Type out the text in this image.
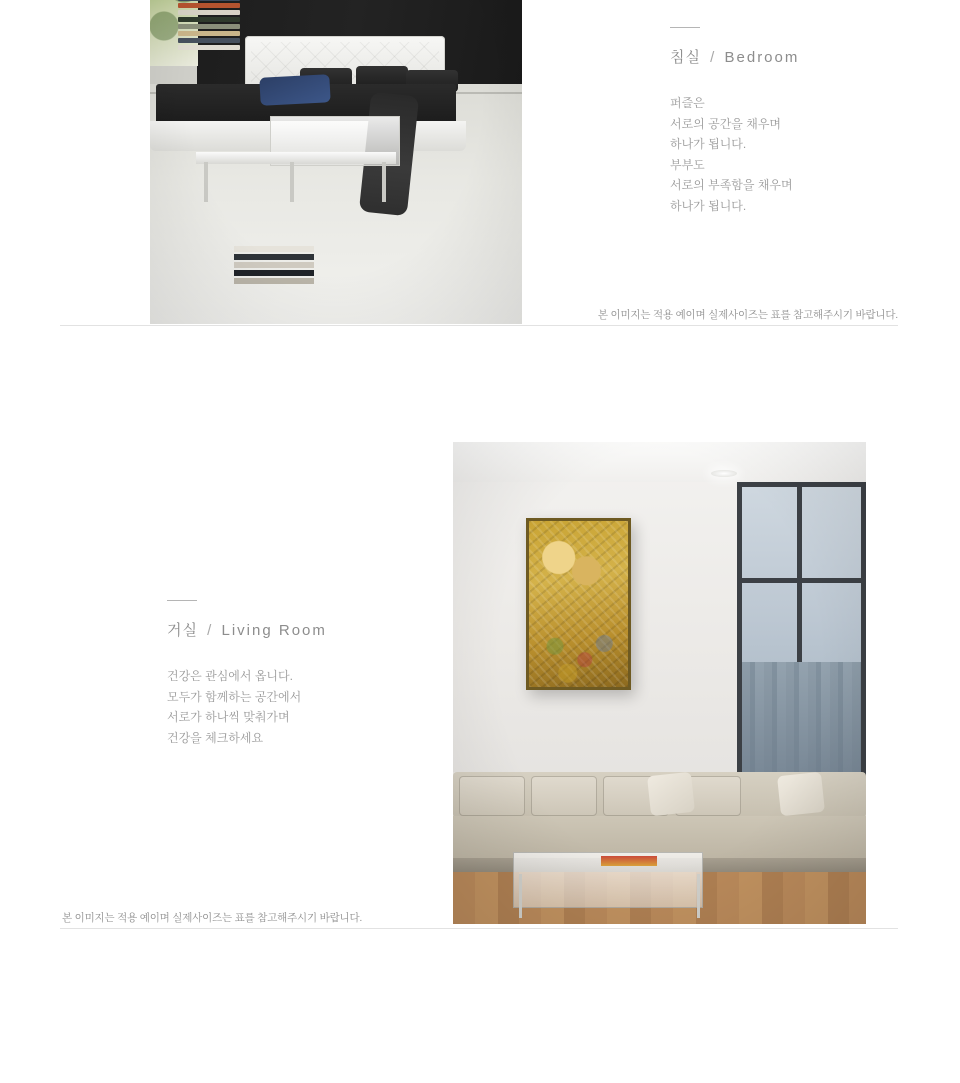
침실 / Bedroom
퍼즐은
서로의 공간을 채우며
하나가 됩니다.
부부도
서로의 부족함을 채우며
하나가 됩니다.
본 이미지는 적용 예이며 실제사이즈는 표를 참고해주시기 바랍니다.
거실 / Living Room
건강은 관심에서 옵니다.
모두가 함께하는 공간에서
서로가 하나씩 맞춰가며
건강을 체크하세요
본 이미지는 적용 예이며 실제사이즈는 표를 참고해주시기 바랍니다.
